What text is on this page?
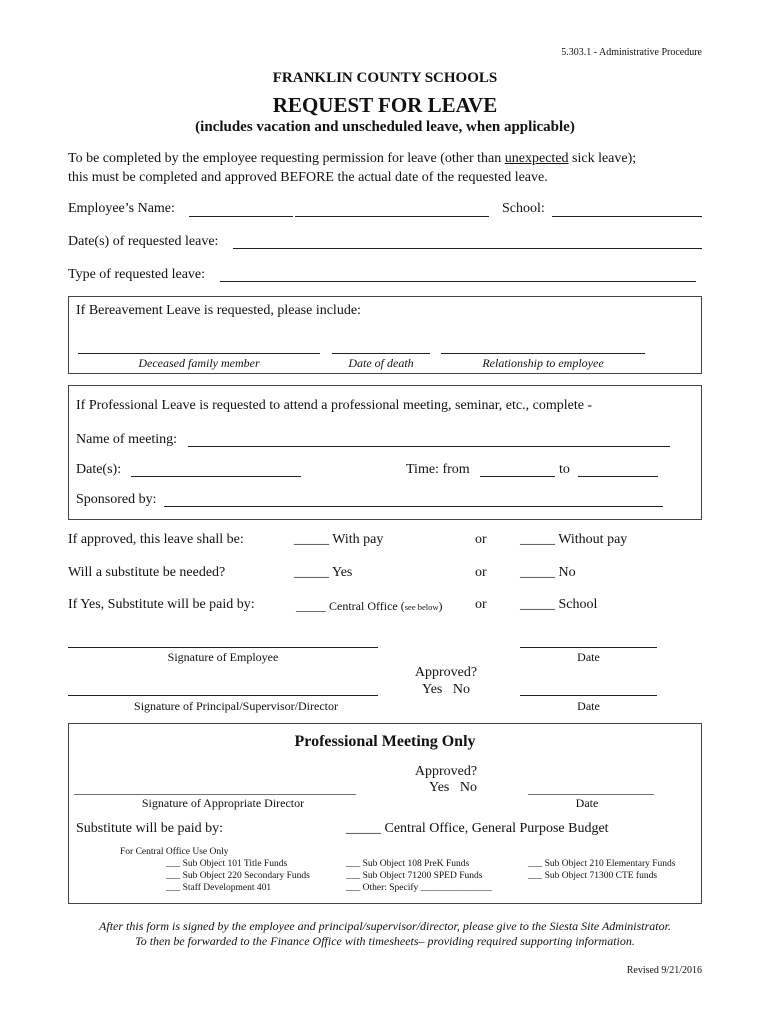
5.303.1 - Administrative Procedure
FRANKLIN COUNTY SCHOOLS
REQUEST FOR LEAVE
(includes vacation and unscheduled leave, when applicable)
To be completed by the employee requesting permission for leave (other than unexpected sick leave);
this must be completed and approved BEFORE the actual date of the requested leave.
Employee’s Name:	School:
Date(s) of requested leave:
Type of requested leave:
If Bereavement Leave is requested, please include:
Deceased family member	Date of death	Relationship to employee
If Professional Leave is requested to attend a professional meeting, seminar, etc., complete -
Name of meeting:
Date(s):	Time: from	to
Sponsored by:
If approved, this leave shall be:	_____ With pay	or _____ Without pay
Will a substitute be needed?	_____ Yes	or _____ No
If Yes, Substitute will be paid by:	_____ Central Office (see below) or _____ School
Signature of Employee	Date
Approved?
Yes   No
Signature of Principal/Supervisor/Director	Date
Professional Meeting Only
Approved?
Yes   No
_______________________________________________	_____________________
Signature of Appropriate Director	Date
Substitute will be paid by:	_____ Central Office, General Purpose Budget
For Central Office Use Only
___ Sub Object 101 Title Funds
___ Sub Object 220 Secondary Funds
___ Staff Development 401
___ Sub Object 108 PreK Funds
___ Sub Object 71200 SPED Funds
___ Other: Specify _______________
___ Sub Object 210 Elementary Funds
___ Sub Object 71300 CTE funds
After this form is signed by the employee and principal/supervisor/director, please give to the Siesta Site Administrator.
To then be forwarded to the Finance Office with timesheets– providing required supporting information.
Revised 9/21/2016
